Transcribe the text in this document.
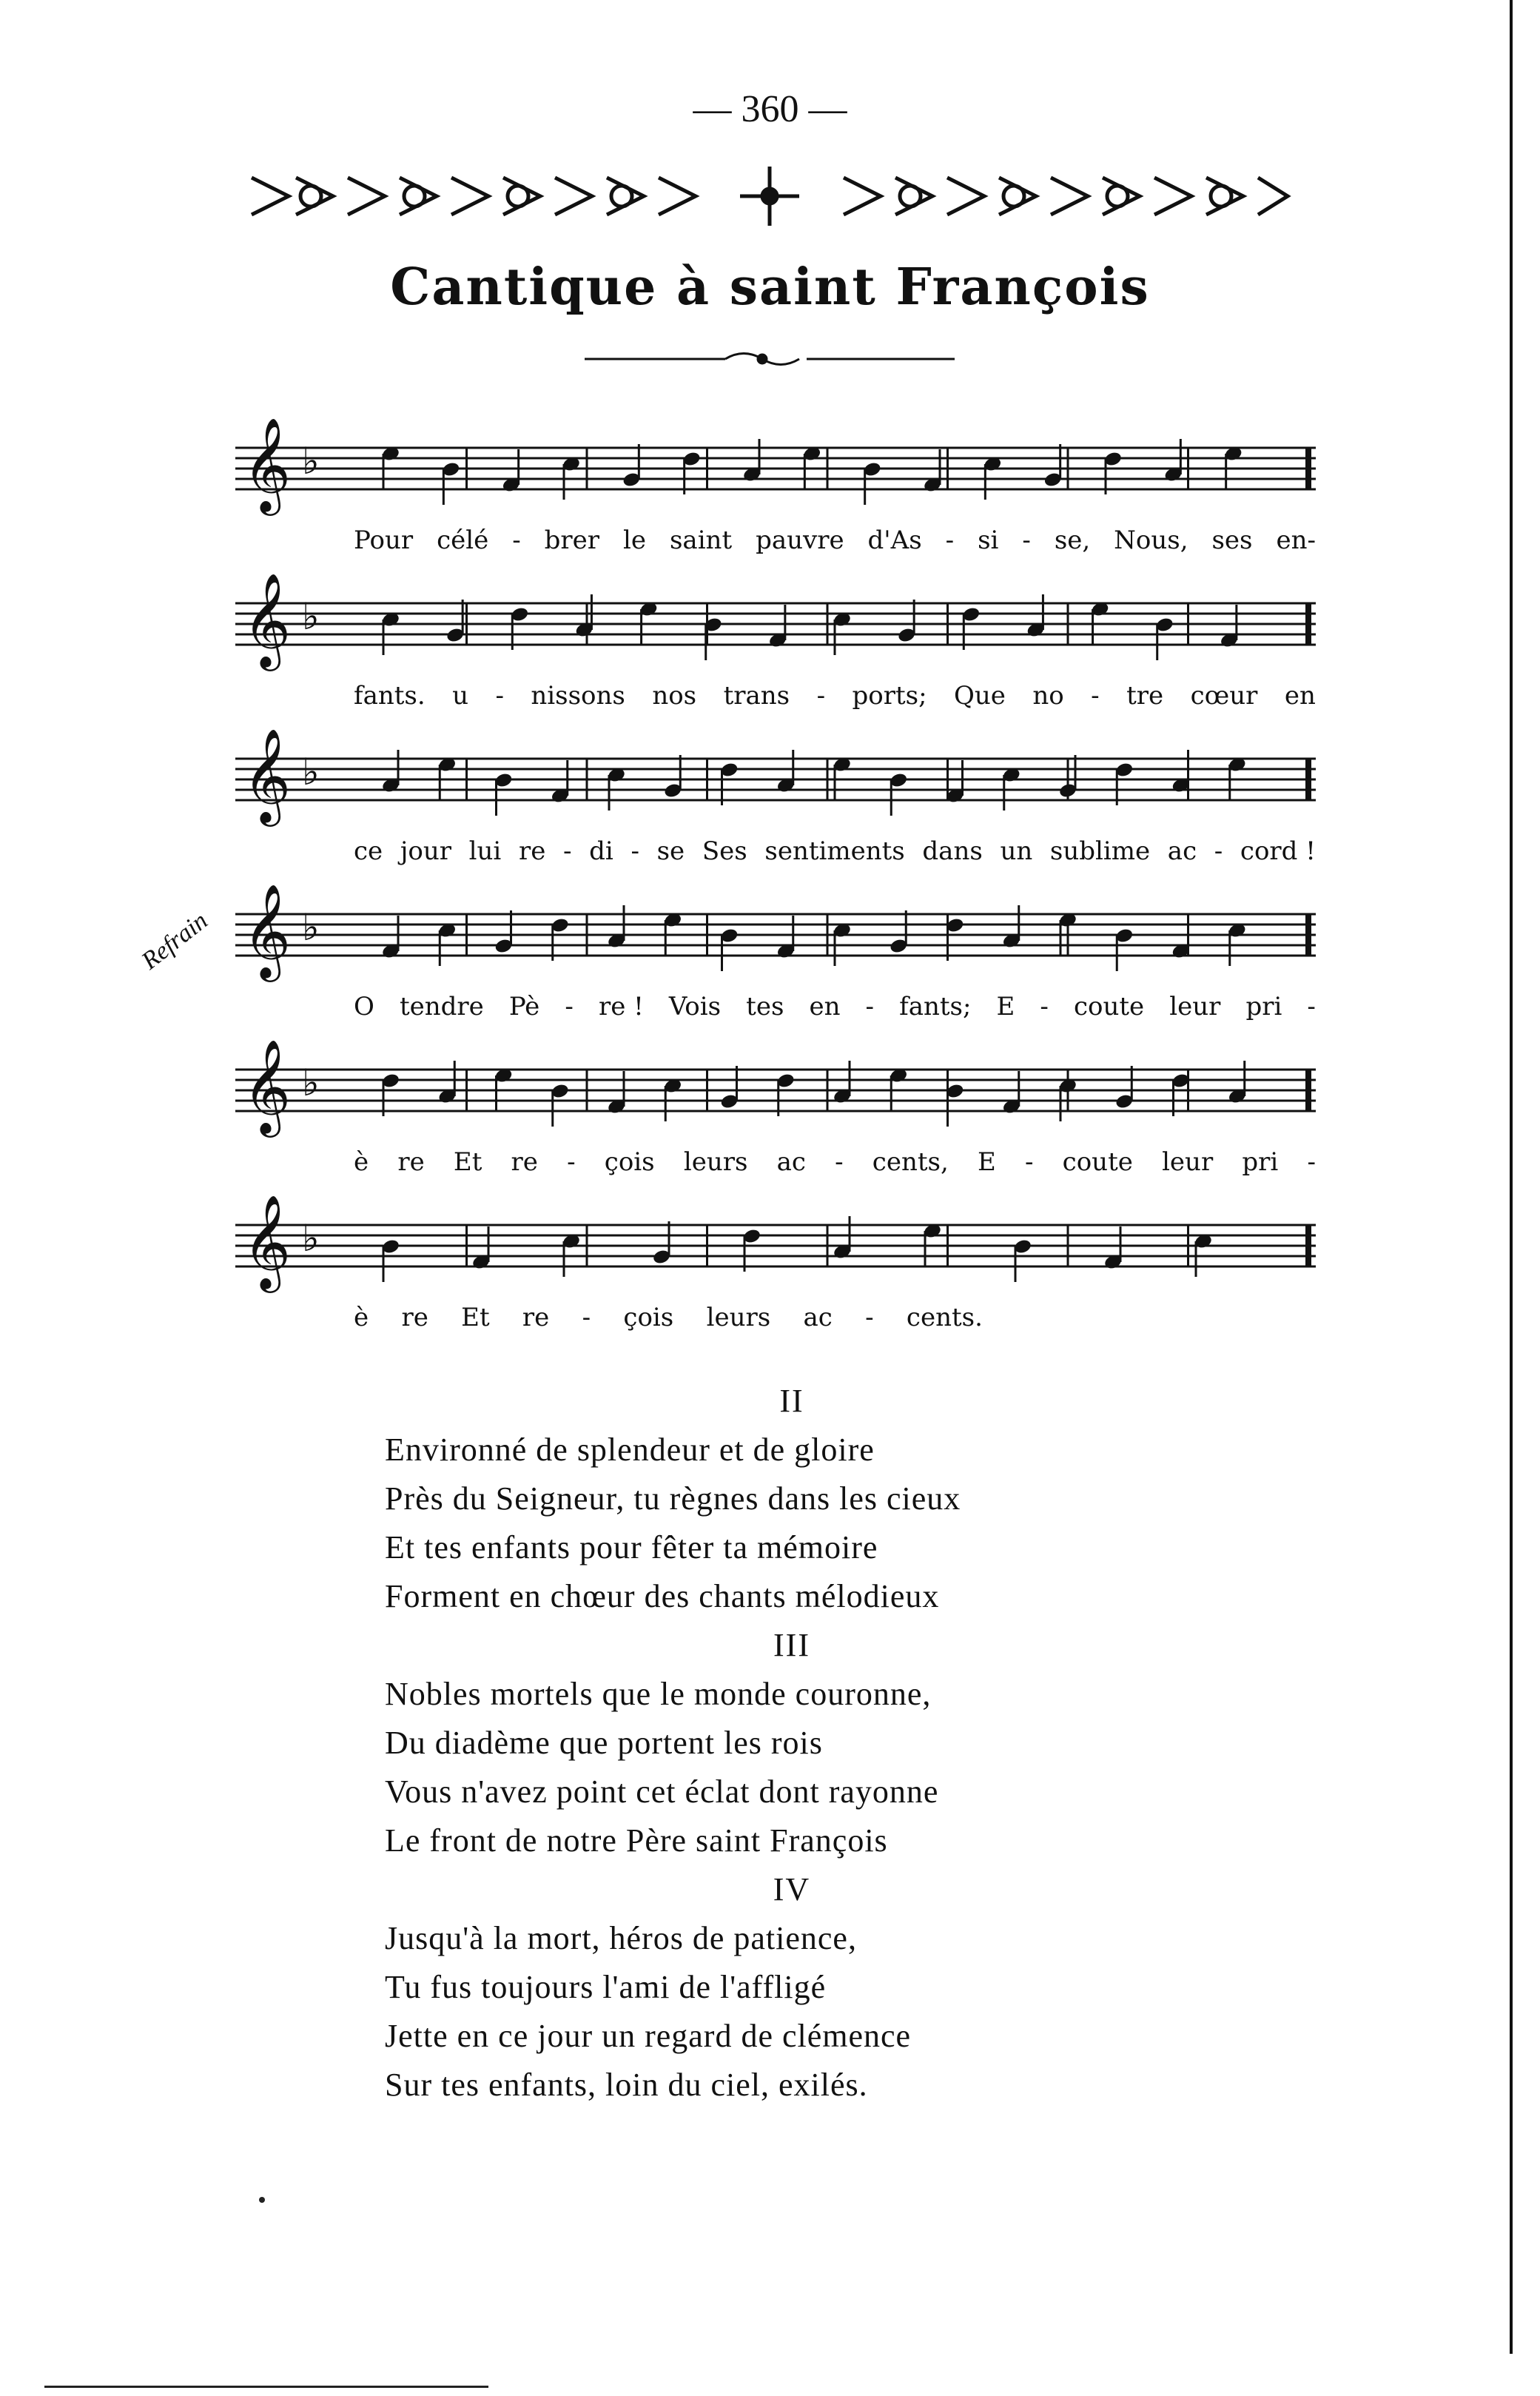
— 360 —
Cantique à saint François
𝄞 ♭
Pour célé - brer le saint pauvre d'As - si - se, Nous, ses en-
𝄞 ♭
fants. u - nissons nos trans - ports; Que no - tre cœur en
𝄞 ♭
ce jour lui re - di - se Ses sentiments dans un sublime ac - cord !
𝄞 ♭
O tendre Pè - re ! Vois tes en - fants; E - coute leur pri -
𝄞 ♭
è re Et re - çois leurs ac - cents, E - coute leur pri -
𝄞 ♭
è re Et re - çois leurs ac - cents.
Refrain
II
Environné de splendeur et de gloire
Près du Seigneur, tu règnes dans les cieux
Et tes enfants pour fêter ta mémoire
Forment en chœur des chants mélodieux
III
Nobles mortels que le monde couronne,
Du diadème que portent les rois
Vous n'avez point cet éclat dont rayonne
Le front de notre Père saint François
IV
Jusqu'à la mort, héros de patience,
Tu fus toujours l'ami de l'affligé
Jette en ce jour un regard de clémence
Sur tes enfants, loin du ciel, exilés.
